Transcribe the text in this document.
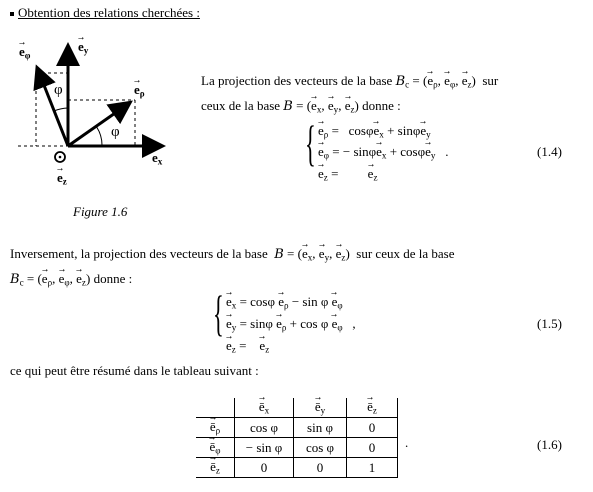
Obtention des relations cherchées :
→ $e_\varphi$
→ $e_y$
φ	→ $e_\rho$
φ
→ $e_x$
→ $e_z$
Figure 1.6
La projection des vecteurs de la base $B_c$ = (→ $e_\rho$, → $e_\varphi$, → $e_z$)  sur
ceux de la base B = (→ $e_x$, → $e_y$, → $e_z$) donne :
{ → $e_\rho = \cos\varphi\to e_x + \sin\varphi\to e_y$
→ $e_\varphi$ = − $\sin\varphi\to e_x + \cos\varphi\to e_y$   .
→ $e_z$ =         → $e_z$
(1.4)
Inversement, la projection des vecteurs de la base B = (→ $e_x$, → $e_y$, → $e_z$)  sur ceux de la base
$B_c$ = (→ $e_\rho$, → $e_\varphi$, → $e_z$) donne :
{ → $e_x = \cos\varphi \to e_\rho - \sin \varphi \to e_\varphi$
→ $e_y = \sin\varphi \to e_\rho + \cos \varphi \to e_\varphi$   ,
→ $e_z$ =    → $e_z$
(1.5)
ce qui peut être résumé dans le tableau suivant :
	→ $ē_x$	→ $ē_y$	→ $ē_z$
→ $ē_\rho$	cos φ	sin φ	0
→ $ē_\varphi$	− sin φ	cos φ	0
→ $ē_z$	0	0	1
.	(1.6)
